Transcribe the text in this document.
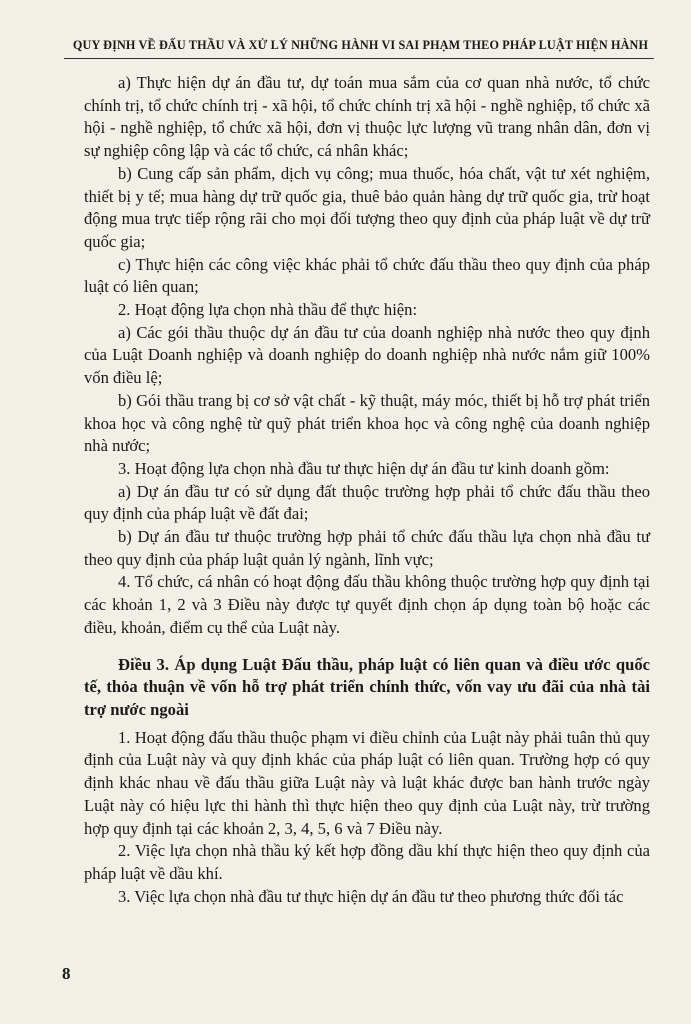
QUY ĐỊNH VỀ ĐẤU THẦU VÀ XỬ LÝ NHỮNG HÀNH VI SAI PHẠM THEO PHÁP LUẬT HIỆN HÀNH

a) Thực hiện dự án đầu tư, dự toán mua sắm của cơ quan nhà nước, tổ chức chính trị, tổ chức chính trị - xã hội, tổ chức chính trị xã hội - nghề nghiệp, tổ chức xã hội - nghề nghiệp, tổ chức xã hội, đơn vị thuộc lực lượng vũ trang nhân dân, đơn vị sự nghiệp công lập và các tổ chức, cá nhân khác;

b) Cung cấp sản phẩm, dịch vụ công; mua thuốc, hóa chất, vật tư xét nghiệm, thiết bị y tế; mua hàng dự trữ quốc gia, thuê bảo quản hàng dự trữ quốc gia, trừ hoạt động mua trực tiếp rộng rãi cho mọi đối tượng theo quy định của pháp luật về dự trữ quốc gia;

c) Thực hiện các công việc khác phải tổ chức đấu thầu theo quy định của pháp luật có liên quan;

2. Hoạt động lựa chọn nhà thầu để thực hiện:

a) Các gói thầu thuộc dự án đầu tư của doanh nghiệp nhà nước theo quy định của Luật Doanh nghiệp và doanh nghiệp do doanh nghiệp nhà nước nắm giữ 100% vốn điều lệ;

b) Gói thầu trang bị cơ sở vật chất - kỹ thuật, máy móc, thiết bị hỗ trợ phát triển khoa học và công nghệ từ quỹ phát triển khoa học và công nghệ của doanh nghiệp nhà nước;

3. Hoạt động lựa chọn nhà đầu tư thực hiện dự án đầu tư kinh doanh gồm:

a) Dự án đầu tư có sử dụng đất thuộc trường hợp phải tổ chức đấu thầu theo quy định của pháp luật về đất đai;

b) Dự án đầu tư thuộc trường hợp phải tổ chức đấu thầu lựa chọn nhà đầu tư theo quy định của pháp luật quản lý ngành, lĩnh vực;

4. Tổ chức, cá nhân có hoạt động đấu thầu không thuộc trường hợp quy định tại các khoản 1, 2 và 3 Điều này được tự quyết định chọn áp dụng toàn bộ hoặc các điều, khoản, điểm cụ thể của Luật này.

Điều 3. Áp dụng Luật Đấu thầu, pháp luật có liên quan và điều ước quốc tế, thỏa thuận về vốn hỗ trợ phát triển chính thức, vốn vay ưu đãi của nhà tài trợ nước ngoài

1. Hoạt động đấu thầu thuộc phạm vi điều chỉnh của Luật này phải tuân thủ quy định của Luật này và quy định khác của pháp luật có liên quan. Trường hợp có quy định khác nhau về đấu thầu giữa Luật này và luật khác được ban hành trước ngày Luật này có hiệu lực thi hành thì thực hiện theo quy định của Luật này, trừ trường hợp quy định tại các khoản 2, 3, 4, 5, 6 và 7 Điều này.

2. Việc lựa chọn nhà thầu ký kết hợp đồng dầu khí thực hiện theo quy định của pháp luật về dầu khí.

3. Việc lựa chọn nhà đầu tư thực hiện dự án đầu tư theo phương thức đối tác

8
